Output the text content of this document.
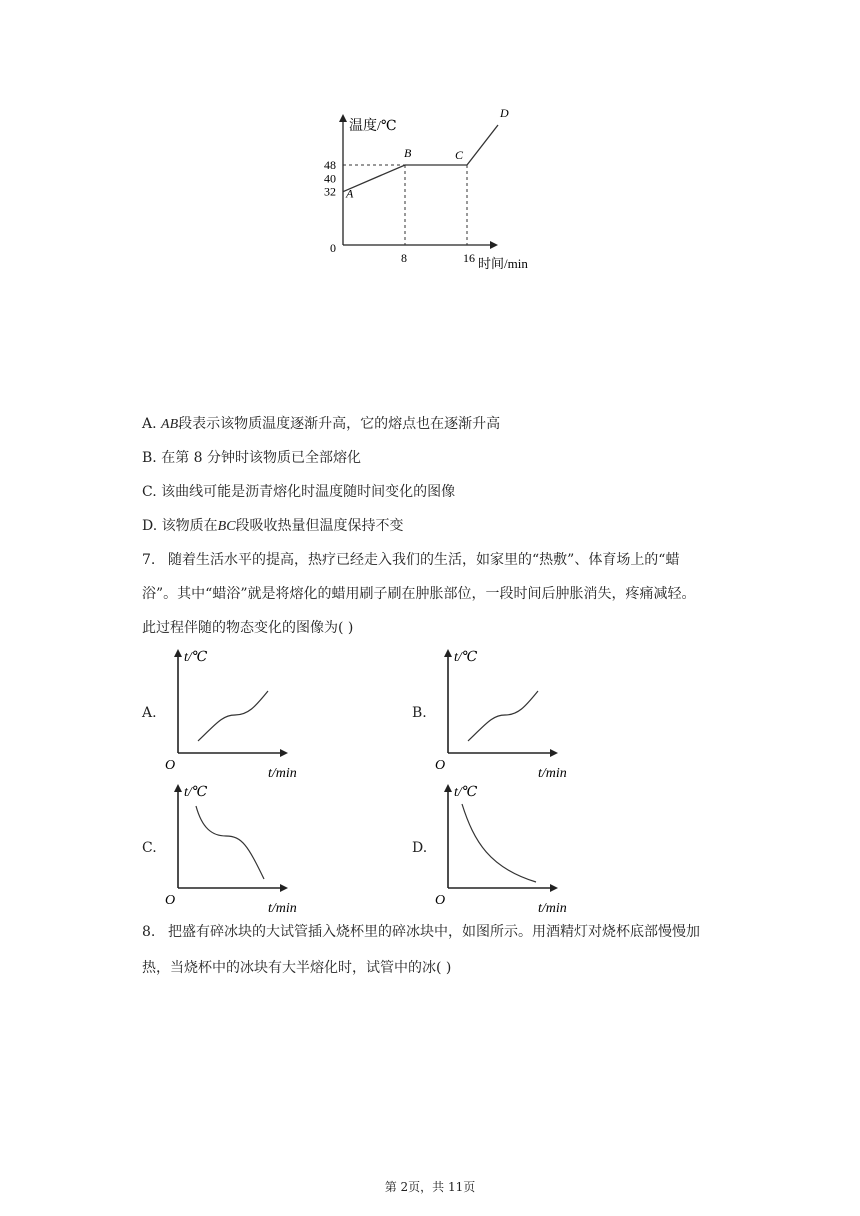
温度/℃
时间/min
0
32
40
48
8	16
A
B	C
D
A. AB段表示该物质温度逐渐升高，它的熔点也在逐渐升高
B. 在第 8 分钟时该物质已全部熔化
C. 该曲线可能是沥青熔化时温度随时间变化的图像
D. 该物质在BC段吸收热量但温度保持不变
7. 随着生活水平的提高，热疗已经走入我们的生活，如家里的“热敷”、体育场上的“蜡
浴”。其中“蜡浴”就是将熔化的蜡用刷子刷在肿胀部位，一段时间后肿胀消失，疼痛减轻。
此过程伴随的物态变化的图像为( )
A.	B.
C.	D.
t/℃
t/min
O
t/℃
t/min
O
t/℃
t/min
O
t/℃
t/min
O
8. 把盛有碎冰块的大试管插入烧杯里的碎冰块中，如图所示。用酒精灯对烧杯底部慢慢加
热，当烧杯中的冰块有大半熔化时，试管中的冰( )
第 2页，共 11页
